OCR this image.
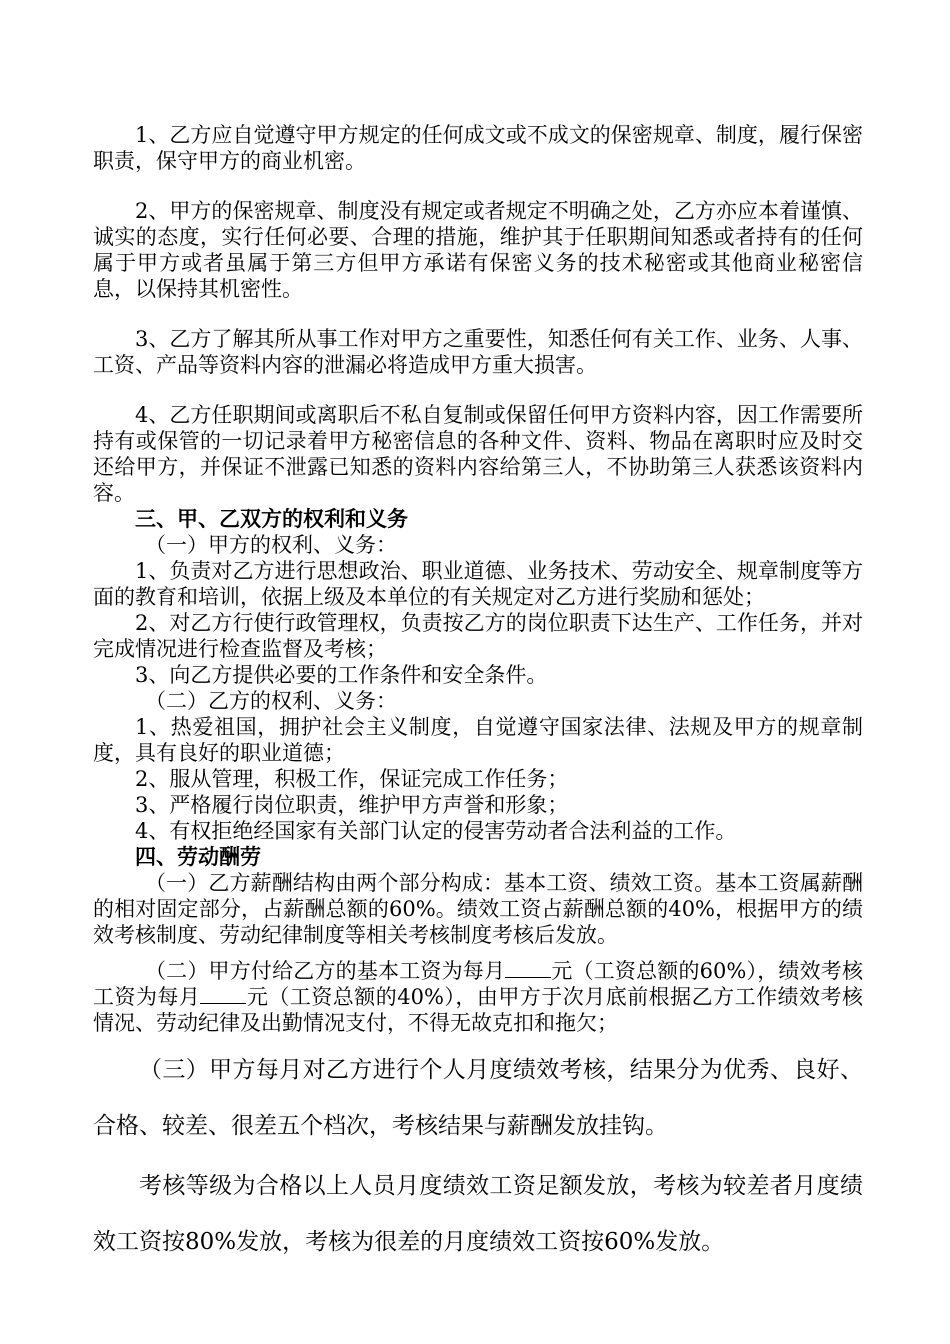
1、乙方应自觉遵守甲方规定的任何成文或不成文的保密规章、制度，履行保密职责，保守甲方的商业机密。

2、甲方的保密规章、制度没有规定或者规定不明确之处，乙方亦应本着谨慎、诚实的态度，实行任何必要、合理的措施，维护其于任职期间知悉或者持有的任何属于甲方或者虽属于第三方但甲方承诺有保密义务的技术秘密或其他商业秘密信息，以保持其机密性。

3、乙方了解其所从事工作对甲方之重要性，知悉任何有关工作、业务、人事、工资、产品等资料内容的泄漏必将造成甲方重大损害。

4、乙方任职期间或离职后不私自复制或保留任何甲方资料内容，因工作需要所持有或保管的一切记录着甲方秘密信息的各种文件、资料、物品在离职时应及时交还给甲方，并保证不泄露已知悉的资料内容给第三人，不协助第三人获悉该资料内容。

三、甲、乙双方的权利和义务

（一）甲方的权利、义务：

1、负责对乙方进行思想政治、职业道德、业务技术、劳动安全、规章制度等方面的教育和培训，依据上级及本单位的有关规定对乙方进行奖励和惩处；

2、对乙方行使行政管理权，负责按乙方的岗位职责下达生产、工作任务，并对完成情况进行检查监督及考核；

3、向乙方提供必要的工作条件和安全条件。

（二）乙方的权利、义务：

1、热爱祖国，拥护社会主义制度，自觉遵守国家法律、法规及甲方的规章制度，具有良好的职业道德；

2、服从管理，积极工作，保证完成工作任务；

3、严格履行岗位职责，维护甲方声誉和形象；

4、有权拒绝经国家有关部门认定的侵害劳动者合法利益的工作。

四、劳动酬劳

（一）乙方薪酬结构由两个部分构成：基本工资、绩效工资。基本工资属薪酬的相对固定部分，占薪酬总额的60%。绩效工资占薪酬总额的40%，根据甲方的绩效考核制度、劳动纪律制度等相关考核制度考核后发放。

（二）甲方付给乙方的基本工资为每月 元（工资总额的60%），绩效考核工资为每月 元（工资总额的40%），由甲方于次月底前根据乙方工作绩效考核情况、劳动纪律及出勤情况支付，不得无故克扣和拖欠；

（三）甲方每月对乙方进行个人月度绩效考核，结果分为优秀、良好、合格、较差、很差五个档次，考核结果与薪酬发放挂钩。

考核等级为合格以上人员月度绩效工资足额发放，考核为较差者月度绩效工资按80%发放，考核为很差的月度绩效工资按60%发放。
